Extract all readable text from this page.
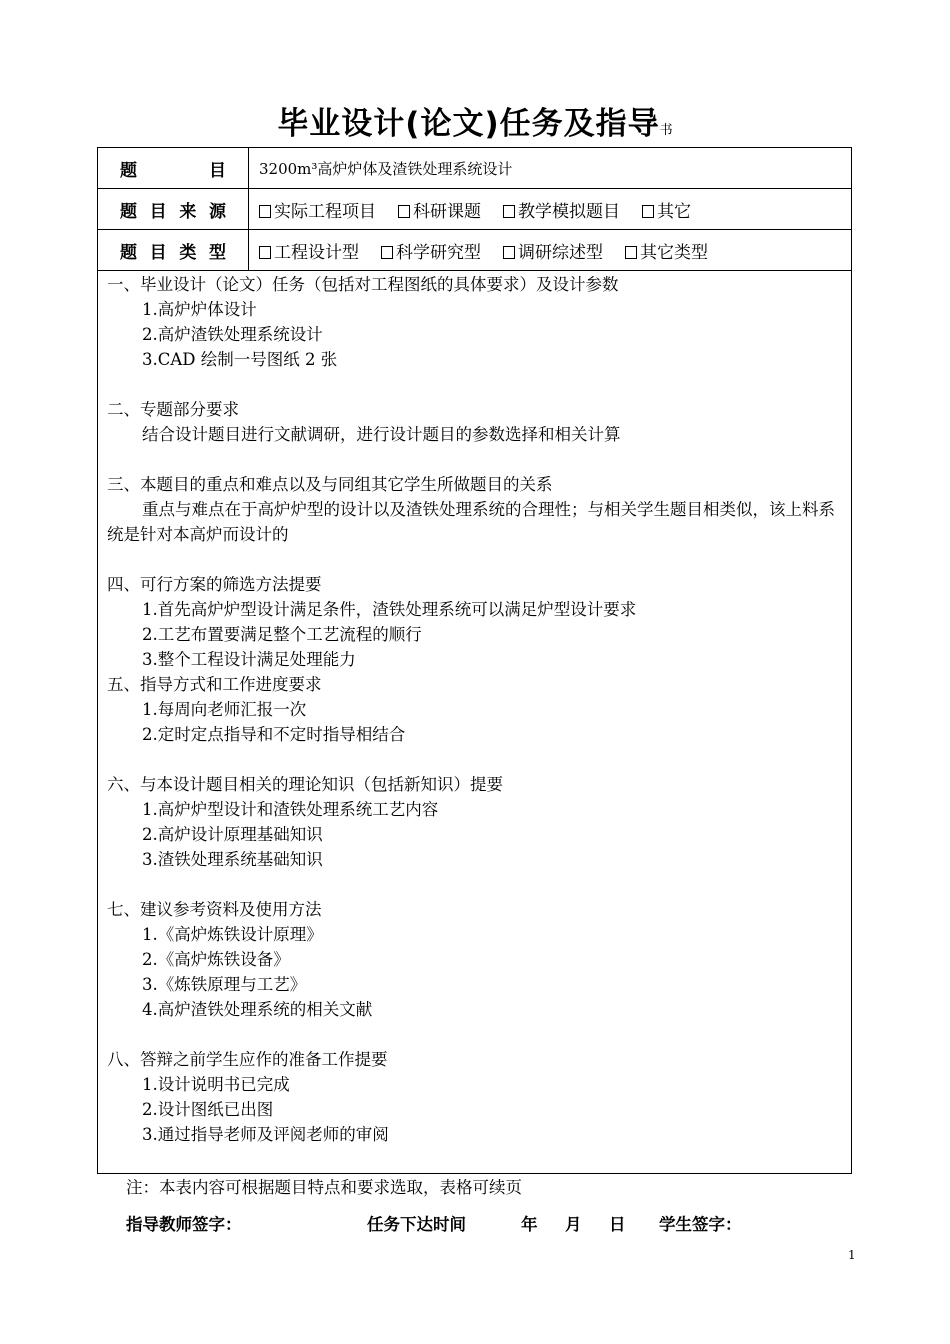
毕业设计(论文)任务及指导书
题	目 3200m³高炉炉体及渣铁处理系统设计
题 目 来 源	实际工程项目	科研课题	教学模拟题目	其它
题 目 类 型	工程设计型	科学研究型	调研综述型	其它类型
一、毕业设计（论文）任务（包括对工程图纸的具体要求）及设计参数
1.高炉炉体设计
2.高炉渣铁处理系统设计
3.CAD 绘制一号图纸 2 张
二、专题部分要求
结合设计题目进行文献调研，进行设计题目的参数选择和相关计算
三、本题目的重点和难点以及与同组其它学生所做题目的关系
重点与难点在于高炉炉型的设计以及渣铁处理系统的合理性；与相关学生题目相类似，该上料系统是针对本高炉而设计的
四、可行方案的筛选方法提要
1.首先高炉炉型设计满足条件，渣铁处理系统可以满足炉型设计要求
2.工艺布置要满足整个工艺流程的顺行
3.整个工程设计满足处理能力
五、指导方式和工作进度要求
1.每周向老师汇报一次
2.定时定点指导和不定时指导相结合
六、与本设计题目相关的理论知识（包括新知识）提要
1.高炉炉型设计和渣铁处理系统工艺内容
2.高炉设计原理基础知识
3.渣铁处理系统基础知识
七、建议参考资料及使用方法
1.《高炉炼铁设计原理》
2.《高炉炼铁设备》
3.《炼铁原理与工艺》
4.高炉渣铁处理系统的相关文献
八、答辩之前学生应作的准备工作提要
1.设计说明书已完成
2.设计图纸已出图
3.通过指导老师及评阅老师的审阅
注：本表内容可根据题目特点和要求选取，表格可续页
指导教师签字：	任务下达时间	年 月 日 学生签字：
1
